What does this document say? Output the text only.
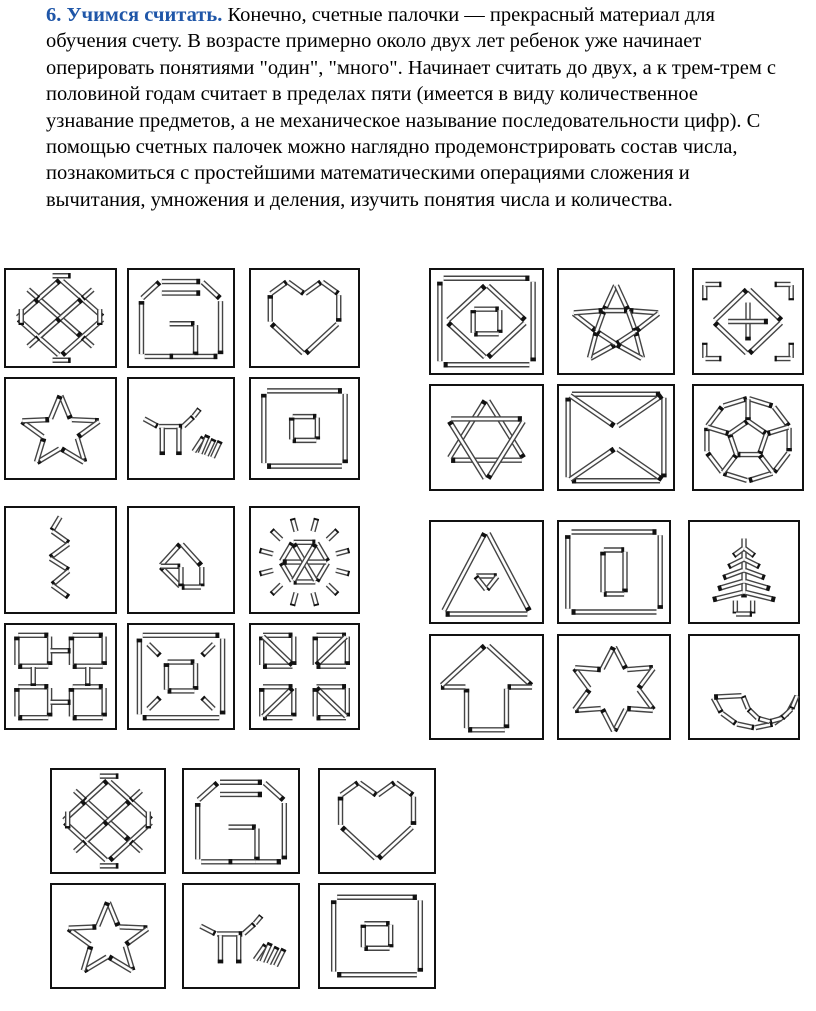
6. Учимся считать. Конечно, счетные палочки — прекрасный материал для обучения счету. В возрасте примерно около двух лет ребенок уже начинает оперировать понятиями "один", "много". Начинает считать до двух, а к трем-трем с половиной годам считает в пределах пяти (имеется в виду количественное узнавание предметов, а не механическое называние последовательности цифр). С помощью счетных палочек можно наглядно продемонстрировать состав числа, познакомиться с простейшими математическими операциями сложения и вычитания, умножения и деления, изучить понятия числа и количества.
